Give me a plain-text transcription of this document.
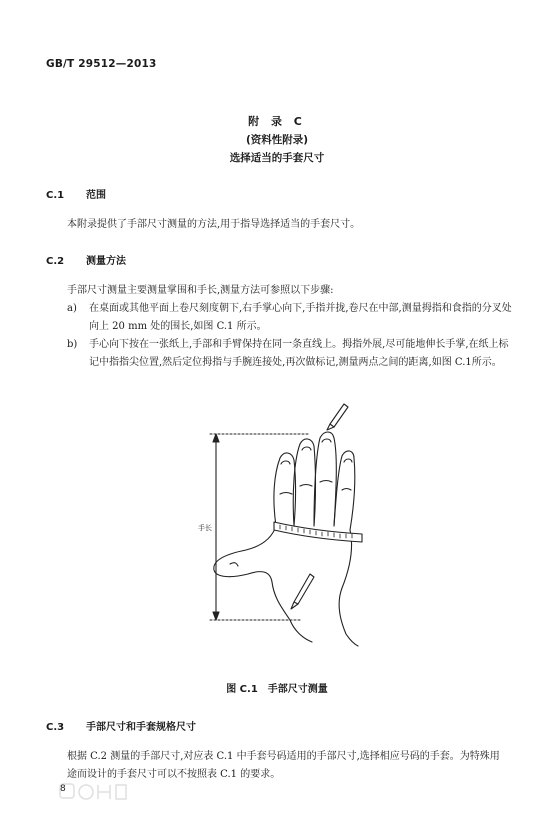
GB/T 29512—2013
附 录 C
(资料性附录)
选择适当的手套尺寸
C.1 范围
本附录提供了手部尺寸测量的方法,用于指导选择适当的手套尺寸。
C.2 测量方法
手部尺寸测量主要测量掌围和手长,测量方法可参照以下步骤:
a) 在桌面或其他平面上卷尺刻度朝下,右手掌心向下,手指并拢,卷尺在中部,测量拇指和食指的分叉处向上 20 mm 处的围长,如图 C.1 所示。
b) 手心向下按在一张纸上,手部和手臂保持在同一条直线上。拇指外展,尽可能地伸长手掌,在纸上标记中指指尖位置,然后定位拇指与手腕连接处,再次做标记,测量两点之间的距离,如图 C.1所示。
手长
图 C.1 手部尺寸测量
C.3 手部尺寸和手套规格尺寸
根据 C.2 测量的手部尺寸,对应表 C.1 中手套号码适用的手部尺寸,选择相应号码的手套。为特殊用途而设计的手套尺寸可以不按照表 C.1 的要求。
8
